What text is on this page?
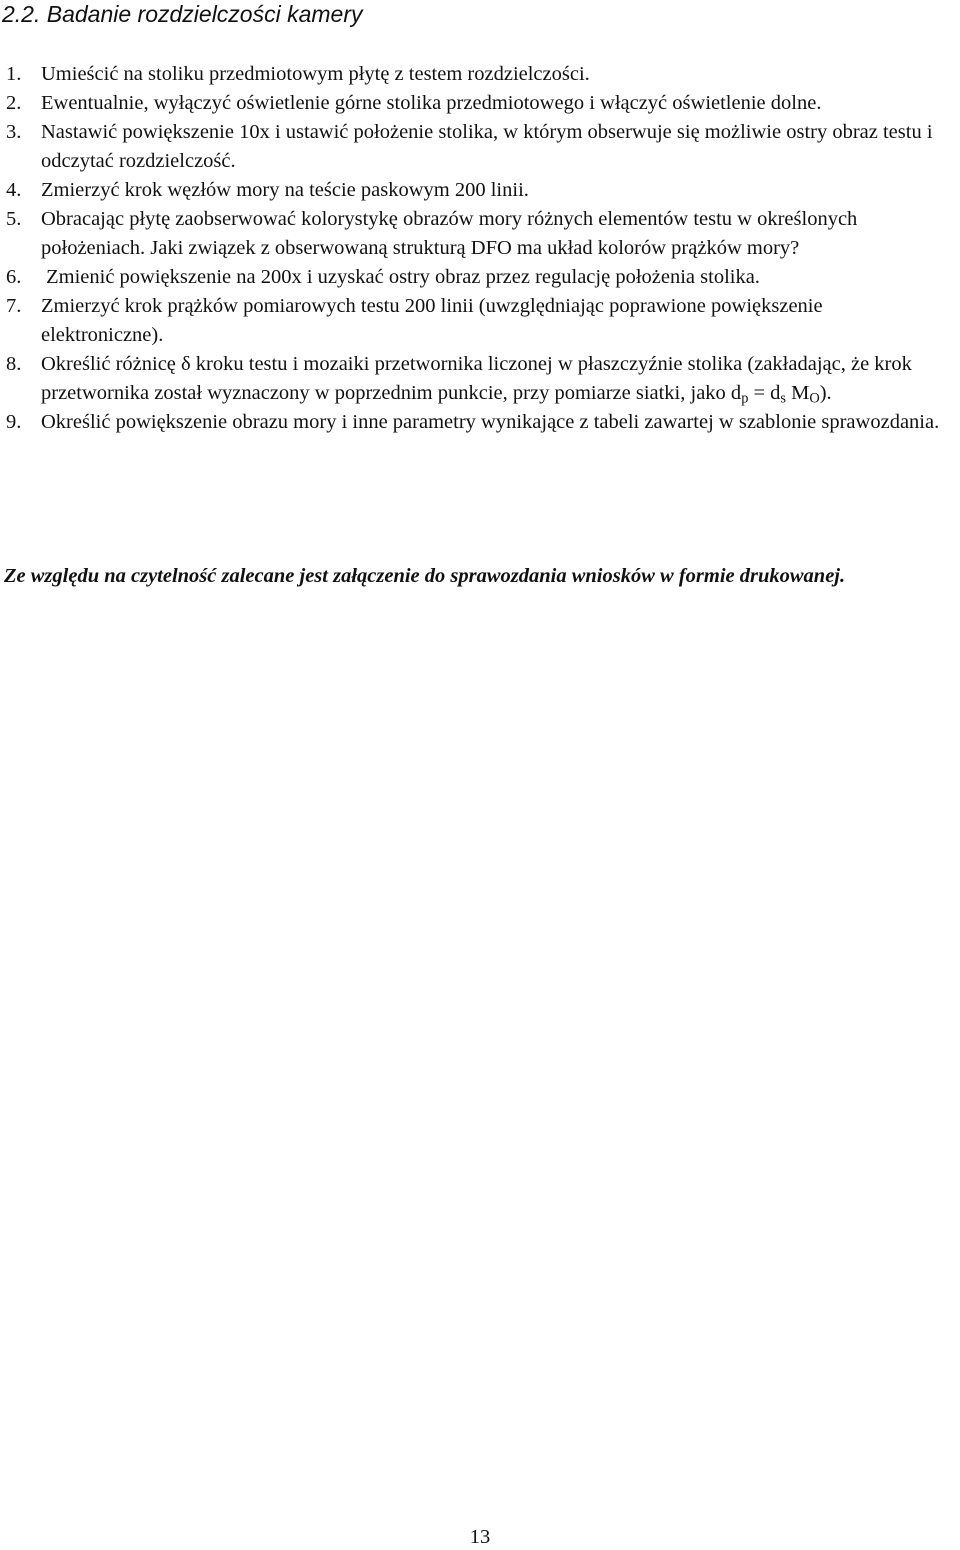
2.2. Badanie rozdzielczości kamery
1. Umieścić na stoliku przedmiotowym płytę z testem rozdzielczości.
2. Ewentualnie, wyłączyć oświetlenie górne stolika przedmiotowego i włączyć oświetlenie dolne.
3. Nastawić powiększenie 10x i ustawić położenie stolika, w którym obserwuje się możliwie ostry obraz testu i odczytać rozdzielczość.
4. Zmierzyć krok węzłów mory na teście paskowym 200 linii.
5. Obracając płytę zaobserwować kolorystykę obrazów mory różnych elementów testu w określonych położeniach. Jaki związek z obserwowaną strukturą DFO ma układ kolorów prążków mory?
6. Zmienić powiększenie na 200x i uzyskać ostry obraz przez regulację położenia stolika.
7. Zmierzyć krok prążków pomiarowych testu 200 linii (uwzględniając poprawione powiększenie elektroniczne).
8. Określić różnicę δ kroku testu i mozaiki przetwornika liczonej w płaszczyźnie stolika (zakładając, że krok przetwornika został wyznaczony w poprzednim punkcie, przy pomiarze siatki, jako $d_p = d_s$ $M_O$).
9. Określić powiększenie obrazu mory i inne parametry wynikające z tabeli zawartej w szablonie sprawozdania.
Ze względu na czytelność zalecane jest załączenie do sprawozdania wniosków w formie drukowanej.
13
